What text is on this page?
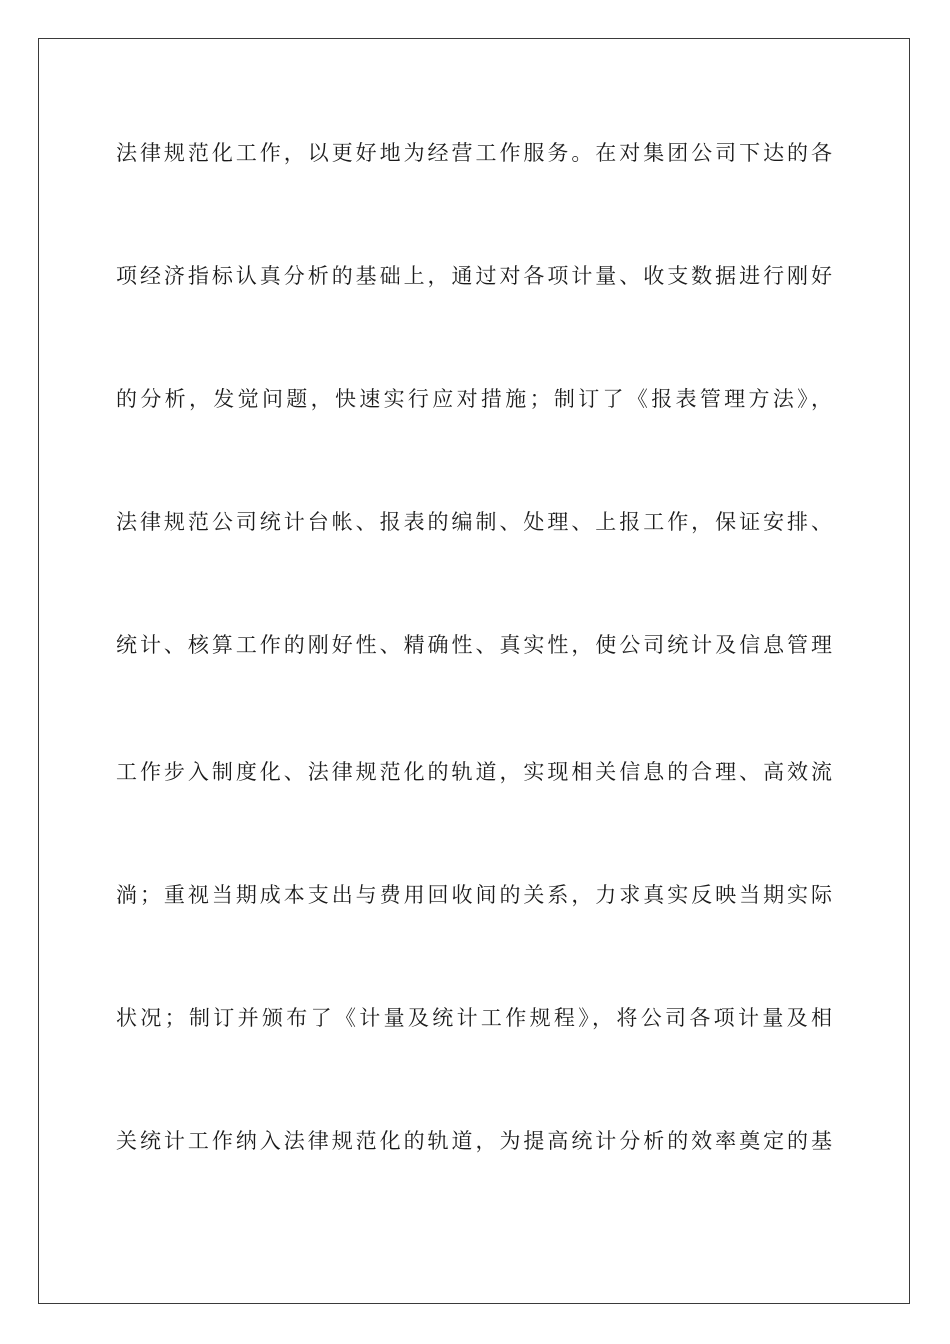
法律规范化工作，以更好地为经营工作服务。在对集团公司下达的各
项经济指标认真分析的基础上，通过对各项计量、收支数据进行刚好
的分析，发觉问题，快速实行应对措施；制订了《报表管理方法》，
法律规范公司统计台帐、报表的编制、处理、上报工作，保证安排、
统计、核算工作的刚好性、精确性、真实性，使公司统计及信息管理
工作步入制度化、法律规范化的轨道，实现相关信息的合理、高效流
淌；重视当期成本支出与费用回收间的关系，力求真实反映当期实际
状况；制订并颁布了《计量及统计工作规程》，将公司各项计量及相
关统计工作纳入法律规范化的轨道，为提高统计分析的效率奠定的基
